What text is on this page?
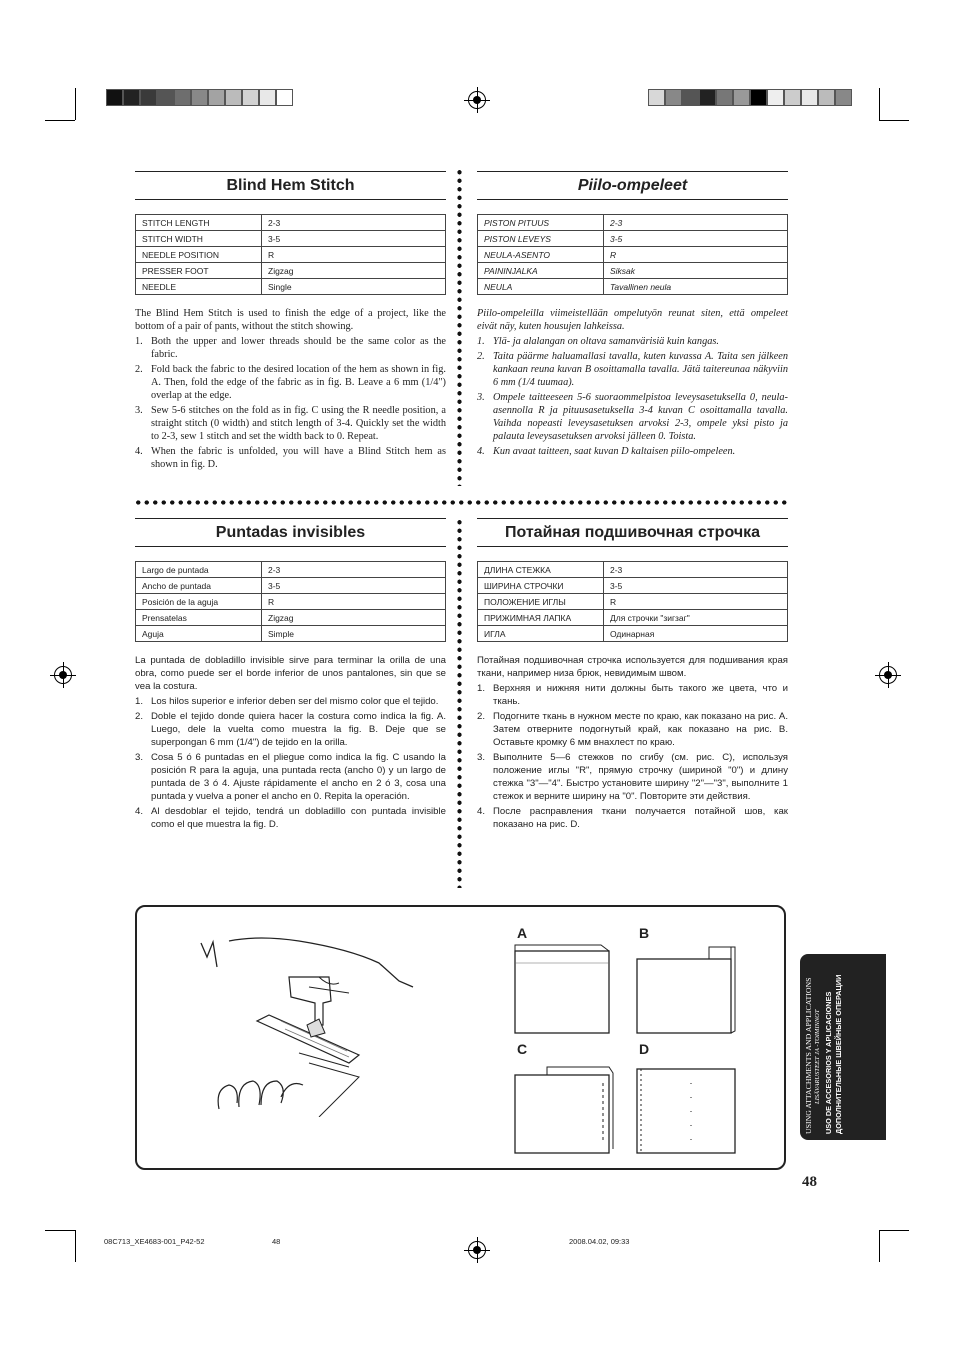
Blind Hem Stitch
STITCH LENGTH	2-3
STITCH WIDTH	3-5
NEEDLE POSITION	R
PRESSER FOOT	Zigzag
NEEDLE	Single

The Blind Hem Stitch is used to finish the edge of a project, like the bottom of a pair of pants, without the stitch showing.

1. Both the upper and lower threads should be the same color as the fabric.
2. Fold back the fabric to the desired location of the hem as shown in fig. A. Then, fold the edge of the fabric as in fig. B. Leave a 6 mm (1/4") overlap at the edge.
3. Sew 5-6 stitches on the fold as in fig. C using the R needle position, a straight stitch (0 width) and stitch length of 3-4. Quickly set the width to 2-3, sew 1 stitch and set the width back to 0. Repeat.
4. When the fabric is unfolded, you will have a Blind Stitch hem as shown in fig. D.
Piilo-ompeleet
PISTON PITUUS	2-3
PISTON LEVEYS	3-5
NEULA-ASENTO	R
PAININJALKA	Siksak
NEULA	Tavallinen neula

Piilo-ompeleilla viimeistellään ompelutyön reunat siten, että ompeleet eivät näy, kuten housujen lahkeissa.

1. Ylä- ja alalangan on oltava samanvärisiä kuin kangas.
2. Taita päärme haluamallasi tavalla, kuten kuvassa A. Taita sen jälkeen kankaan reuna kuvan B osoittamalla tavalla. Jätä taitereunaa näkyviin 6 mm (1/4 tuumaa).
3. Ompele taitteeseen 5-6 suoraommelpistoa leveysasetuksella 0, neula-asennolla R ja pituusasetuksella 3-4 kuvan C osoittamalla tavalla. Vaihda nopeasti leveysasetuksen arvoksi 2-3, ompele yksi pisto ja palauta leveysasetuksen arvoksi jälleen 0. Toista.
4. Kun avaat taitteen, saat kuvan D kaltaisen piilo-ompeleen.
Puntadas invisibles
Largo de puntada	2-3
Ancho de puntada	3-5
Posición de la aguja	R
Prensatelas	Zigzag
Aguja	Simple

La puntada de dobladillo invisible sirve para terminar la orilla de una obra, como puede ser el borde inferior de unos pantalones, sin que se vea la costura.

1. Los hilos superior e inferior deben ser del mismo color que el tejido.
2. Doble el tejido donde quiera hacer la costura como indica la fig. A. Luego, dele la vuelta como muestra la fig. B. Deje que se superpongan 6 mm (1/4") de tejido en la orilla.
3. Cosa 5 ó 6 puntadas en el pliegue como indica la fig. C usando la posición R para la aguja, una puntada recta (ancho 0) y un largo de puntada de 3 ó 4. Ajuste rápidamente el ancho en 2 ó 3, cosa una puntada y vuelva a poner el ancho en 0. Repita la operación.
4. Al desdoblar el tejido, tendrá un dobladillo con puntada invisible como el que muestra la fig. D.
Потайная подшивочная строчка
ДЛИНА СТЕЖКА	2-3
ШИРИНА СТРОЧКИ	3-5
ПОЛОЖЕНИЕ ИГЛЫ	R
ПРИЖИМНАЯ ЛАПКА	Для строчки "зигзаг"
ИГЛА	Одинарная

Потайная подшивочная строчка используется для подшивания края ткани, например низа брюк, невидимым швом.

1. Верхняя и нижняя нити должны быть такого же цвета, что и ткань.
2. Подогните ткань в нужном месте по краю, как показано на рис. A. Затем отверните подогнутый край, как показано на рис. B. Оставьте кромку 6 мм внахлест по краю.
3. Выполните 5—6 стежков по сгибу (см. рис. C), используя положение иглы "R", прямую строчку (шириной "0") и длину стежка "3"—"4". Быстро установите ширину "2"—"3", выполните 1 стежок и верните ширину на "0". Повторите эти действия.
4. После расправления ткани получается потайной шов, как показано на рис. D.
A	B
C	D	USING ATTACHMENTS AND APPLICATIONS LISÄVARUSTEET JA -TOIMINNOT USO DE ACCESORIOS Y APLICACIONES ДОПОЛНИТЕЛЬНЫЕ ШВЕЙНЫЕ ОПЕРАЦИИ
48
08C713_XE4683-001_P42-52	48	2008.04.02, 09:33
